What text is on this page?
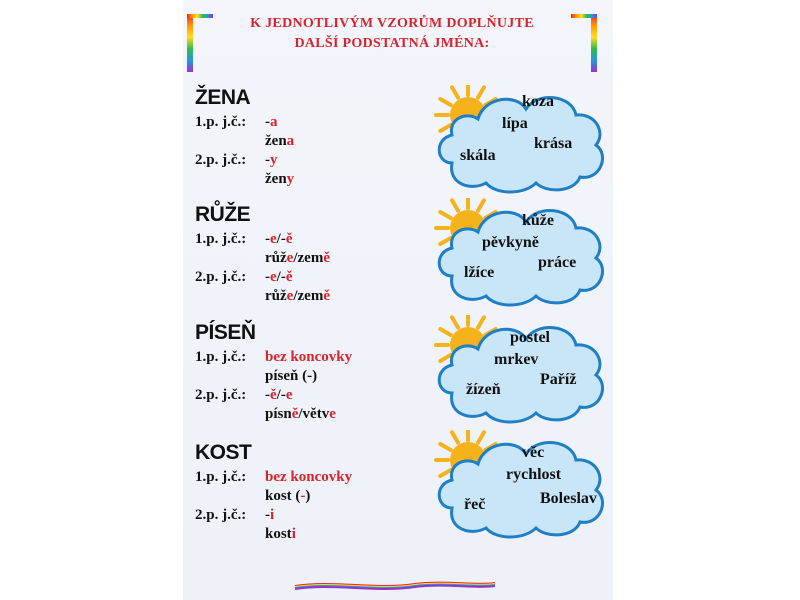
K JEDNOTLIVÝM VZORŮM DOPLŇUJTE
DALŠÍ PODSTATNÁ JMÉNA:
ŽENA
1.p. j.č.: -a
žena
2.p. j.č.: -y
ženy
RŮŽE
1.p. j.č.: -e/-ě
růže/země
2.p. j.č.: -e/-ě
růže/země
PÍSEŇ
1.p. j.č.: bez koncovky
píseň (-)
2.p. j.č.: -ě/-e
písně/větve
KOST
1.p. j.č.: bez koncovky
kost (-)
2.p. j.č.: -i
kosti
koza
lípa
krása
skála
kůže
pěvkyně
práce
lžíce
postel
mrkev
Paříž
žízeň
věc
rychlost
Boleslav
řeč
